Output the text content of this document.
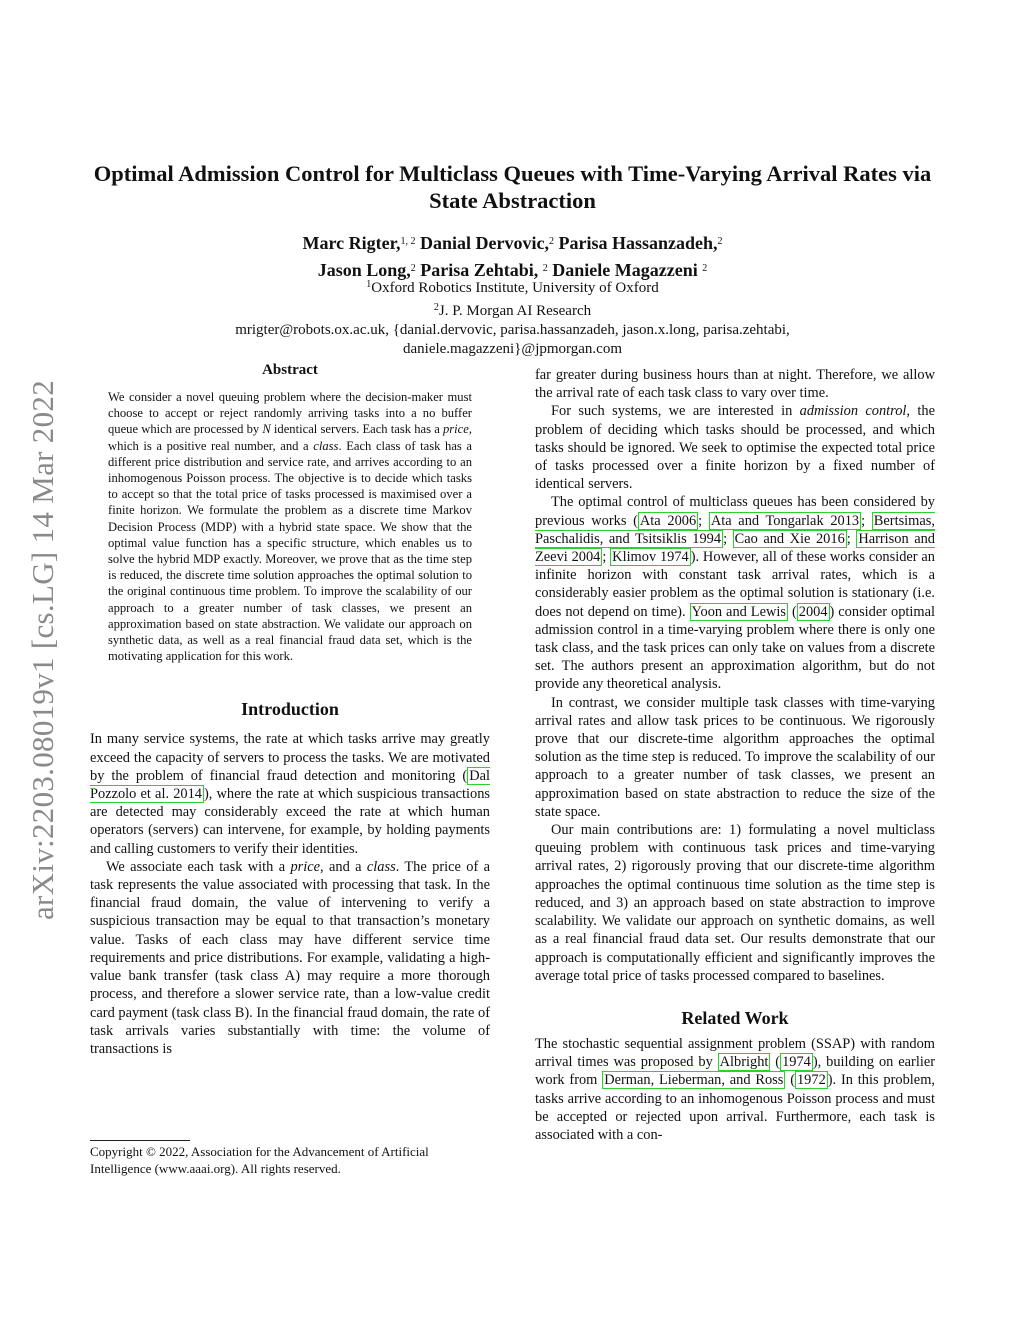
arXiv:2203.08019v1 [cs.LG] 14 Mar 2022
Optimal Admission Control for Multiclass Queues with Time-Varying Arrival Rates via State Abstraction
Marc Rigter,$^{1, 2}$ Danial Dervovic,$^2$ Parisa Hassanzadeh,$^2$
Jason Long,$^2$ Parisa Zehtabi, $^2$ Daniele Magazzeni $^2$
$^1$Oxford Robotics Institute, University of Oxford
$^2$J. P. Morgan AI Research
mrigter@robots.ox.ac.uk, {danial.dervovic, parisa.hassanzadeh, jason.x.long, parisa.zehtabi,
daniele.magazzeni}@jpmorgan.com
Abstract

We consider a novel queuing problem where the decision-maker must choose to accept or reject randomly arriving tasks into a no buffer queue which are processed by N identical servers. Each task has a price, which is a positive real number, and a class. Each class of task has a different price distribution and service rate, and arrives according to an inhomogenous Poisson process. The objective is to decide which tasks to accept so that the total price of tasks processed is maximised over a finite horizon. We formulate the problem as a discrete time Markov Decision Process (MDP) with a hybrid state space. We show that the optimal value function has a specific structure, which enables us to solve the hybrid MDP exactly. Moreover, we prove that as the time step is reduced, the discrete time solution approaches the optimal solution to the original continuous time problem. To improve the scalability of our approach to a greater number of task classes, we present an approximation based on state abstraction. We validate our approach on synthetic data, as well as a real financial fraud data set, which is the motivating application for this work.

Introduction

In many service systems, the rate at which tasks arrive may greatly exceed the capacity of servers to process the tasks. We are motivated by the problem of financial fraud detection and monitoring ( Dal Pozzolo et al. 2014 ), where the rate at which suspicious transactions are detected may considerably exceed the rate at which human operators (servers) can intervene, for example, by holding payments and calling customers to verify their identities.

We associate each task with a price, and a class. The price of a task represents the value associated with processing that task. In the financial fraud domain, the value of intervening to verify a suspicious transaction may be equal to that transaction’s monetary value. Tasks of each class may have different service time requirements and price distributions. For example, validating a high-value bank transfer (task class A) may require a more thorough process, and therefore a slower service rate, than a low-value credit card payment (task class B). In the financial fraud domain, the rate of task arrivals varies substantially with time: the volume of transactions is

far greater during business hours than at night. Therefore, we allow the arrival rate of each task class to vary over time.

For such systems, we are interested in admission control, the problem of deciding which tasks should be processed, and which tasks should be ignored. We seek to optimise the expected total price of tasks processed over a finite horizon by a fixed number of identical servers.

The optimal control of multiclass queues has been considered by previous works ( Ata 2006 ; Ata and Tongarlak 2013 ; Bertsimas, Paschalidis, and Tsitsiklis 1994 ; Cao and Xie 2016 ; Harrison and Zeevi 2004 ; Klimov 1974 ). However, all of these works consider an infinite horizon with constant task arrival rates, which is a considerably easier problem as the optimal solution is stationary (i.e. does not depend on time). Yoon and Lewis ( 2004 ) consider optimal admission control in a time-varying problem where there is only one task class, and the task prices can only take on values from a discrete set. The authors present an approximation algorithm, but do not provide any theoretical analysis.

In contrast, we consider multiple task classes with time-varying arrival rates and allow task prices to be continuous. We rigorously prove that our discrete-time algorithm approaches the optimal solution as the time step is reduced. To improve the scalability of our approach to a greater number of task classes, we present an approximation based on state abstraction to reduce the size of the state space.

Our main contributions are: 1) formulating a novel multiclass queuing problem with continuous task prices and time-varying arrival rates, 2) rigorously proving that our discrete-time algorithm approaches the optimal continuous time solution as the time step is reduced, and 3) an approach based on state abstraction to improve scalability. We validate our approach on synthetic domains, as well as a real financial fraud data set. Our results demonstrate that our approach is computationally efficient and significantly improves the average total price of tasks processed compared to baselines.

Related Work

The stochastic sequential assignment problem (SSAP) with random arrival times was proposed by Albright ( 1974 ), building on earlier work from Derman, Lieberman, and Ross ( 1972 ). In this problem, tasks arrive according to an inhomogenous Poisson process and must be accepted or rejected upon arrival. Furthermore, each task is associated with a con-

Copyright © 2022, Association for the Advancement of Artificial Intelligence (www.aaai.org). All rights reserved.
